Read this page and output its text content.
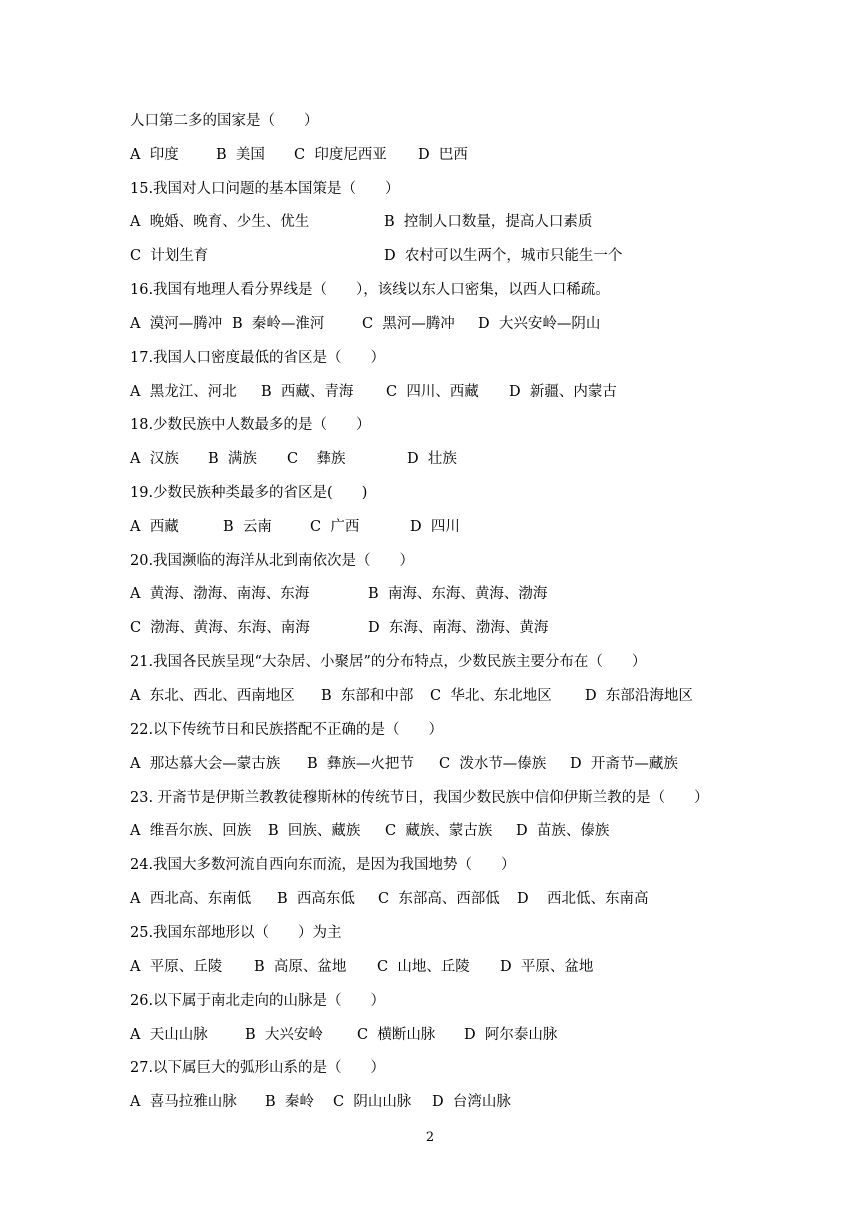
2
人口第二多的国家是（　　）
A  印度	B  美国 C  印度尼西亚 D  巴西
15.我国对人口问题的基本国策是（　　）
A  晚婚、晚育、少生、优生	B  控制人口数量，提高人口素质
C  计划生育	D  农村可以生两个，城市只能生一个
16.我国有地理人看分界线是（　　），该线以东人口密集，以西人口稀疏。
A  漠河—腾冲 B  秦岭—淮河	C  黑河—腾冲 D  大兴安岭—阴山
17.我国人口密度最低的省区是（　　）
A  黑龙江、河北 B  西藏、青海 C  四川、西藏 D  新疆、内蒙古
18.少数民族中人数最多的是（　　）
A  汉族 B  满族 C    彝族	D  壮族
19.少数民族种类最多的省区是(　　)
A  西藏	B  云南	C  广西	D  四川
20.我国濒临的海洋从北到南依次是（　　）
A  黄海、渤海、南海、东海	B  南海、东海、黄海、渤海
C  渤海、黄海、东海、南海	D  东海、南海、渤海、黄海
21.我国各民族呈现“大杂居、小聚居”的分布特点，少数民族主要分布在（　　）
A  东北、西北、西南地区 B  东部和中部 C  华北、东北地区 D  东部沿海地区
22.以下传统节日和民族搭配不正确的是（　　）
A  那达慕大会—蒙古族 B  彝族—火把节 C  泼水节—傣族 D  开斋节—藏族
23. 开斋节是伊斯兰教教徒穆斯林的传统节日，我国少数民族中信仰伊斯兰教的是（　　）
A  维吾尔族、回族 B  回族、藏族 C  藏族、蒙古族 D  苗族、傣族
24.我国大多数河流自西向东而流，是因为我国地势（　　）
A  西北高、东南低 B  西高东低 C  东部高、西部低 D    西北低、东南高
25.我国东部地形以（　　）为主
A  平原、丘陵 B  高原、盆地 C  山地、丘陵 D  平原、盆地
26.以下属于南北走向的山脉是（　　）
A  天山山脉	B  大兴安岭 C  横断山脉 D  阿尔泰山脉
27.以下属巨大的弧形山系的是（　　）
A  喜马拉雅山脉 B  秦岭 C  阴山山脉 D  台湾山脉
